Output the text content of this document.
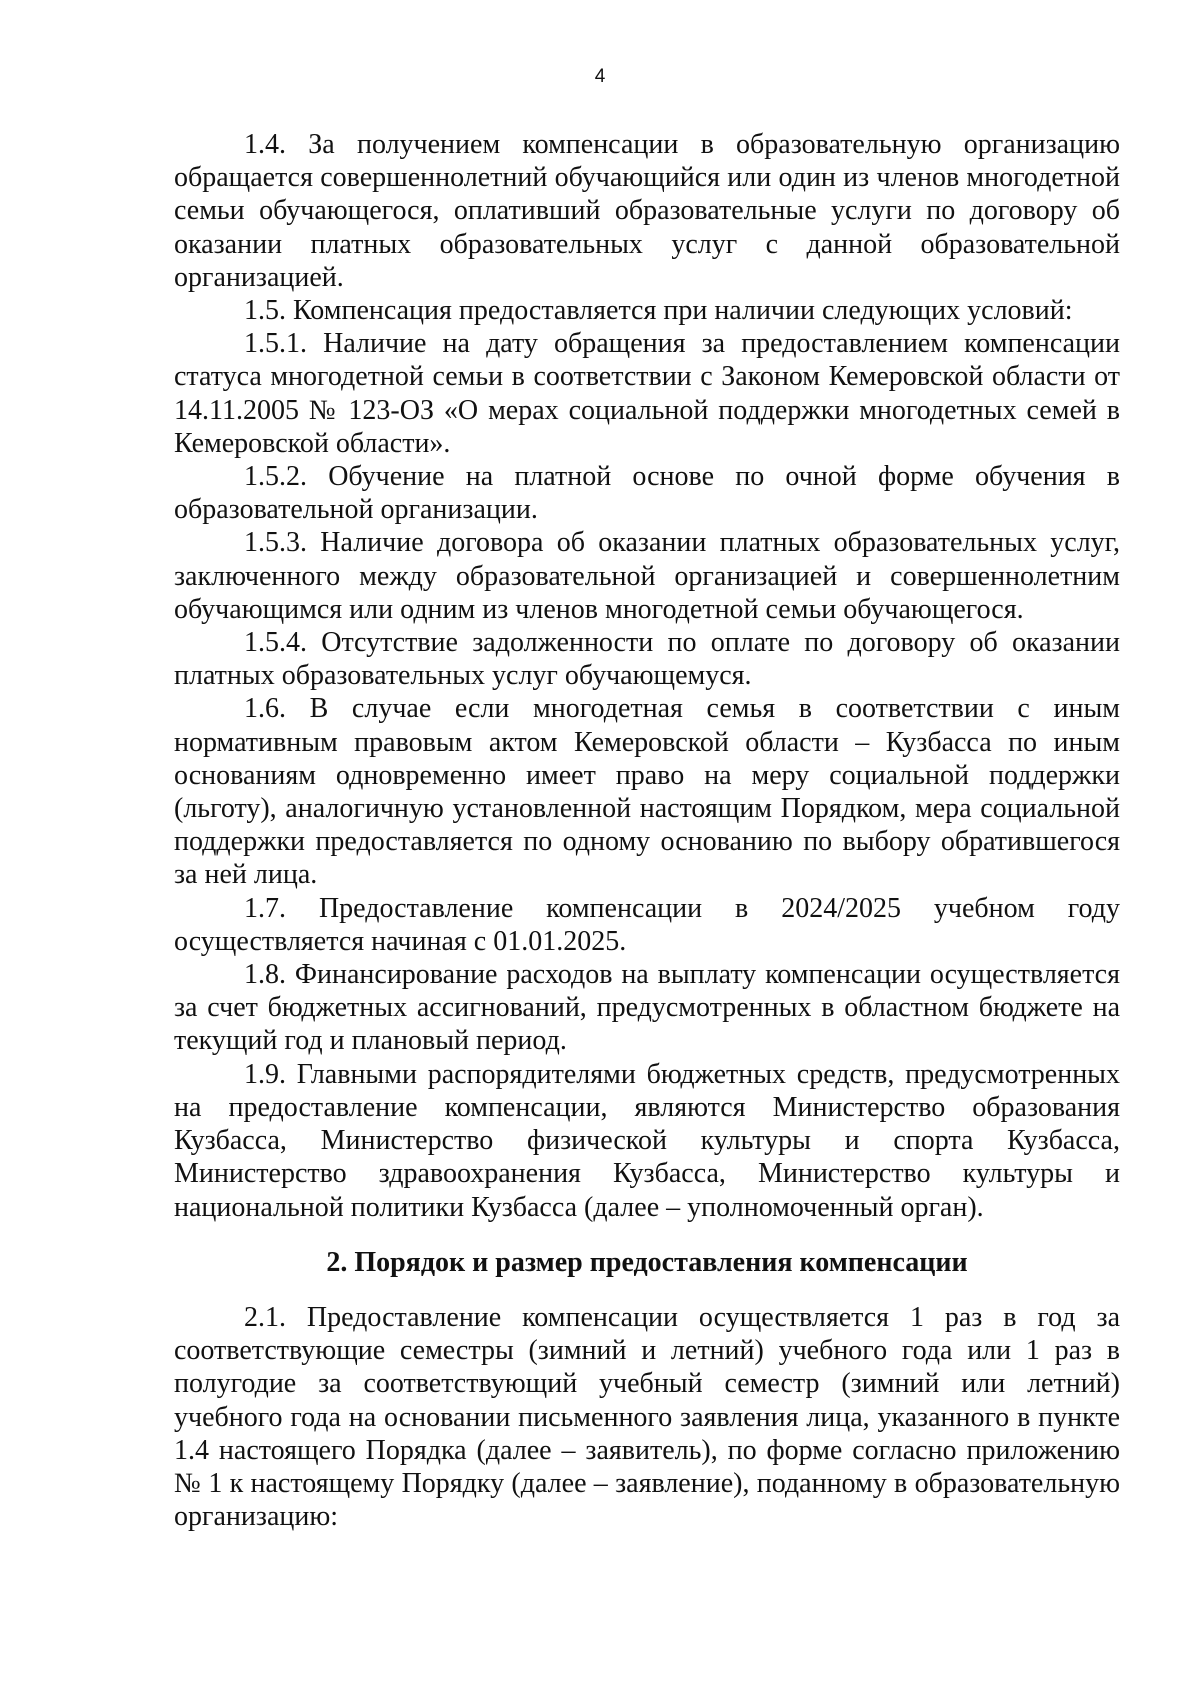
4

1.4. За получением компенсации в образовательную организацию обращается совершеннолетний обучающийся или один из членов многодетной семьи обучающегося, оплативший образовательные услуги по договору об оказании платных образовательных услуг с данной образовательной организацией.

1.5. Компенсация предоставляется при наличии следующих условий:

1.5.1. Наличие на дату обращения за предоставлением компенсации статуса многодетной семьи в соответствии с Законом Кемеровской области от 14.11.2005 № 123-ОЗ «О мерах социальной поддержки многодетных семей в Кемеровской области».

1.5.2. Обучение на платной основе по очной форме обучения в образовательной организации.

1.5.3. Наличие договора об оказании платных образовательных услуг, заключенного между образовательной организацией и совершеннолетним обучающимся или одним из членов многодетной семьи обучающегося.

1.5.4. Отсутствие задолженности по оплате по договору об оказании платных образовательных услуг обучающемуся.

1.6. В случае если многодетная семья в соответствии с иным нормативным правовым актом Кемеровской области – Кузбасса по иным основаниям одновременно имеет право на меру социальной поддержки (льготу), аналогичную установленной настоящим Порядком, мера социальной поддержки предоставляется по одному основанию по выбору обратившегося за ней лица.

1.7. Предоставление компенсации в 2024/2025 учебном году осуществляется начиная с 01.01.2025.

1.8. Финансирование расходов на выплату компенсации осуществляется за счет бюджетных ассигнований, предусмотренных в областном бюджете на текущий год и плановый период.

1.9. Главными распорядителями бюджетных средств, предусмотренных на предоставление компенсации, являются Министерство образования Кузбасса, Министерство физической культуры и спорта Кузбасса, Министерство здравоохранения Кузбасса, Министерство культуры и национальной политики Кузбасса (далее – уполномоченный орган).

2. Порядок и размер предоставления компенсации

2.1. Предоставление компенсации осуществляется 1 раз в год за соответствующие семестры (зимний и летний) учебного года или 1 раз в полугодие за соответствующий учебный семестр (зимний или летний) учебного года на основании письменного заявления лица, указанного в пункте 1.4 настоящего Порядка (далее – заявитель), по форме согласно приложению № 1 к настоящему Порядку (далее – заявление), поданному в образовательную организацию:
